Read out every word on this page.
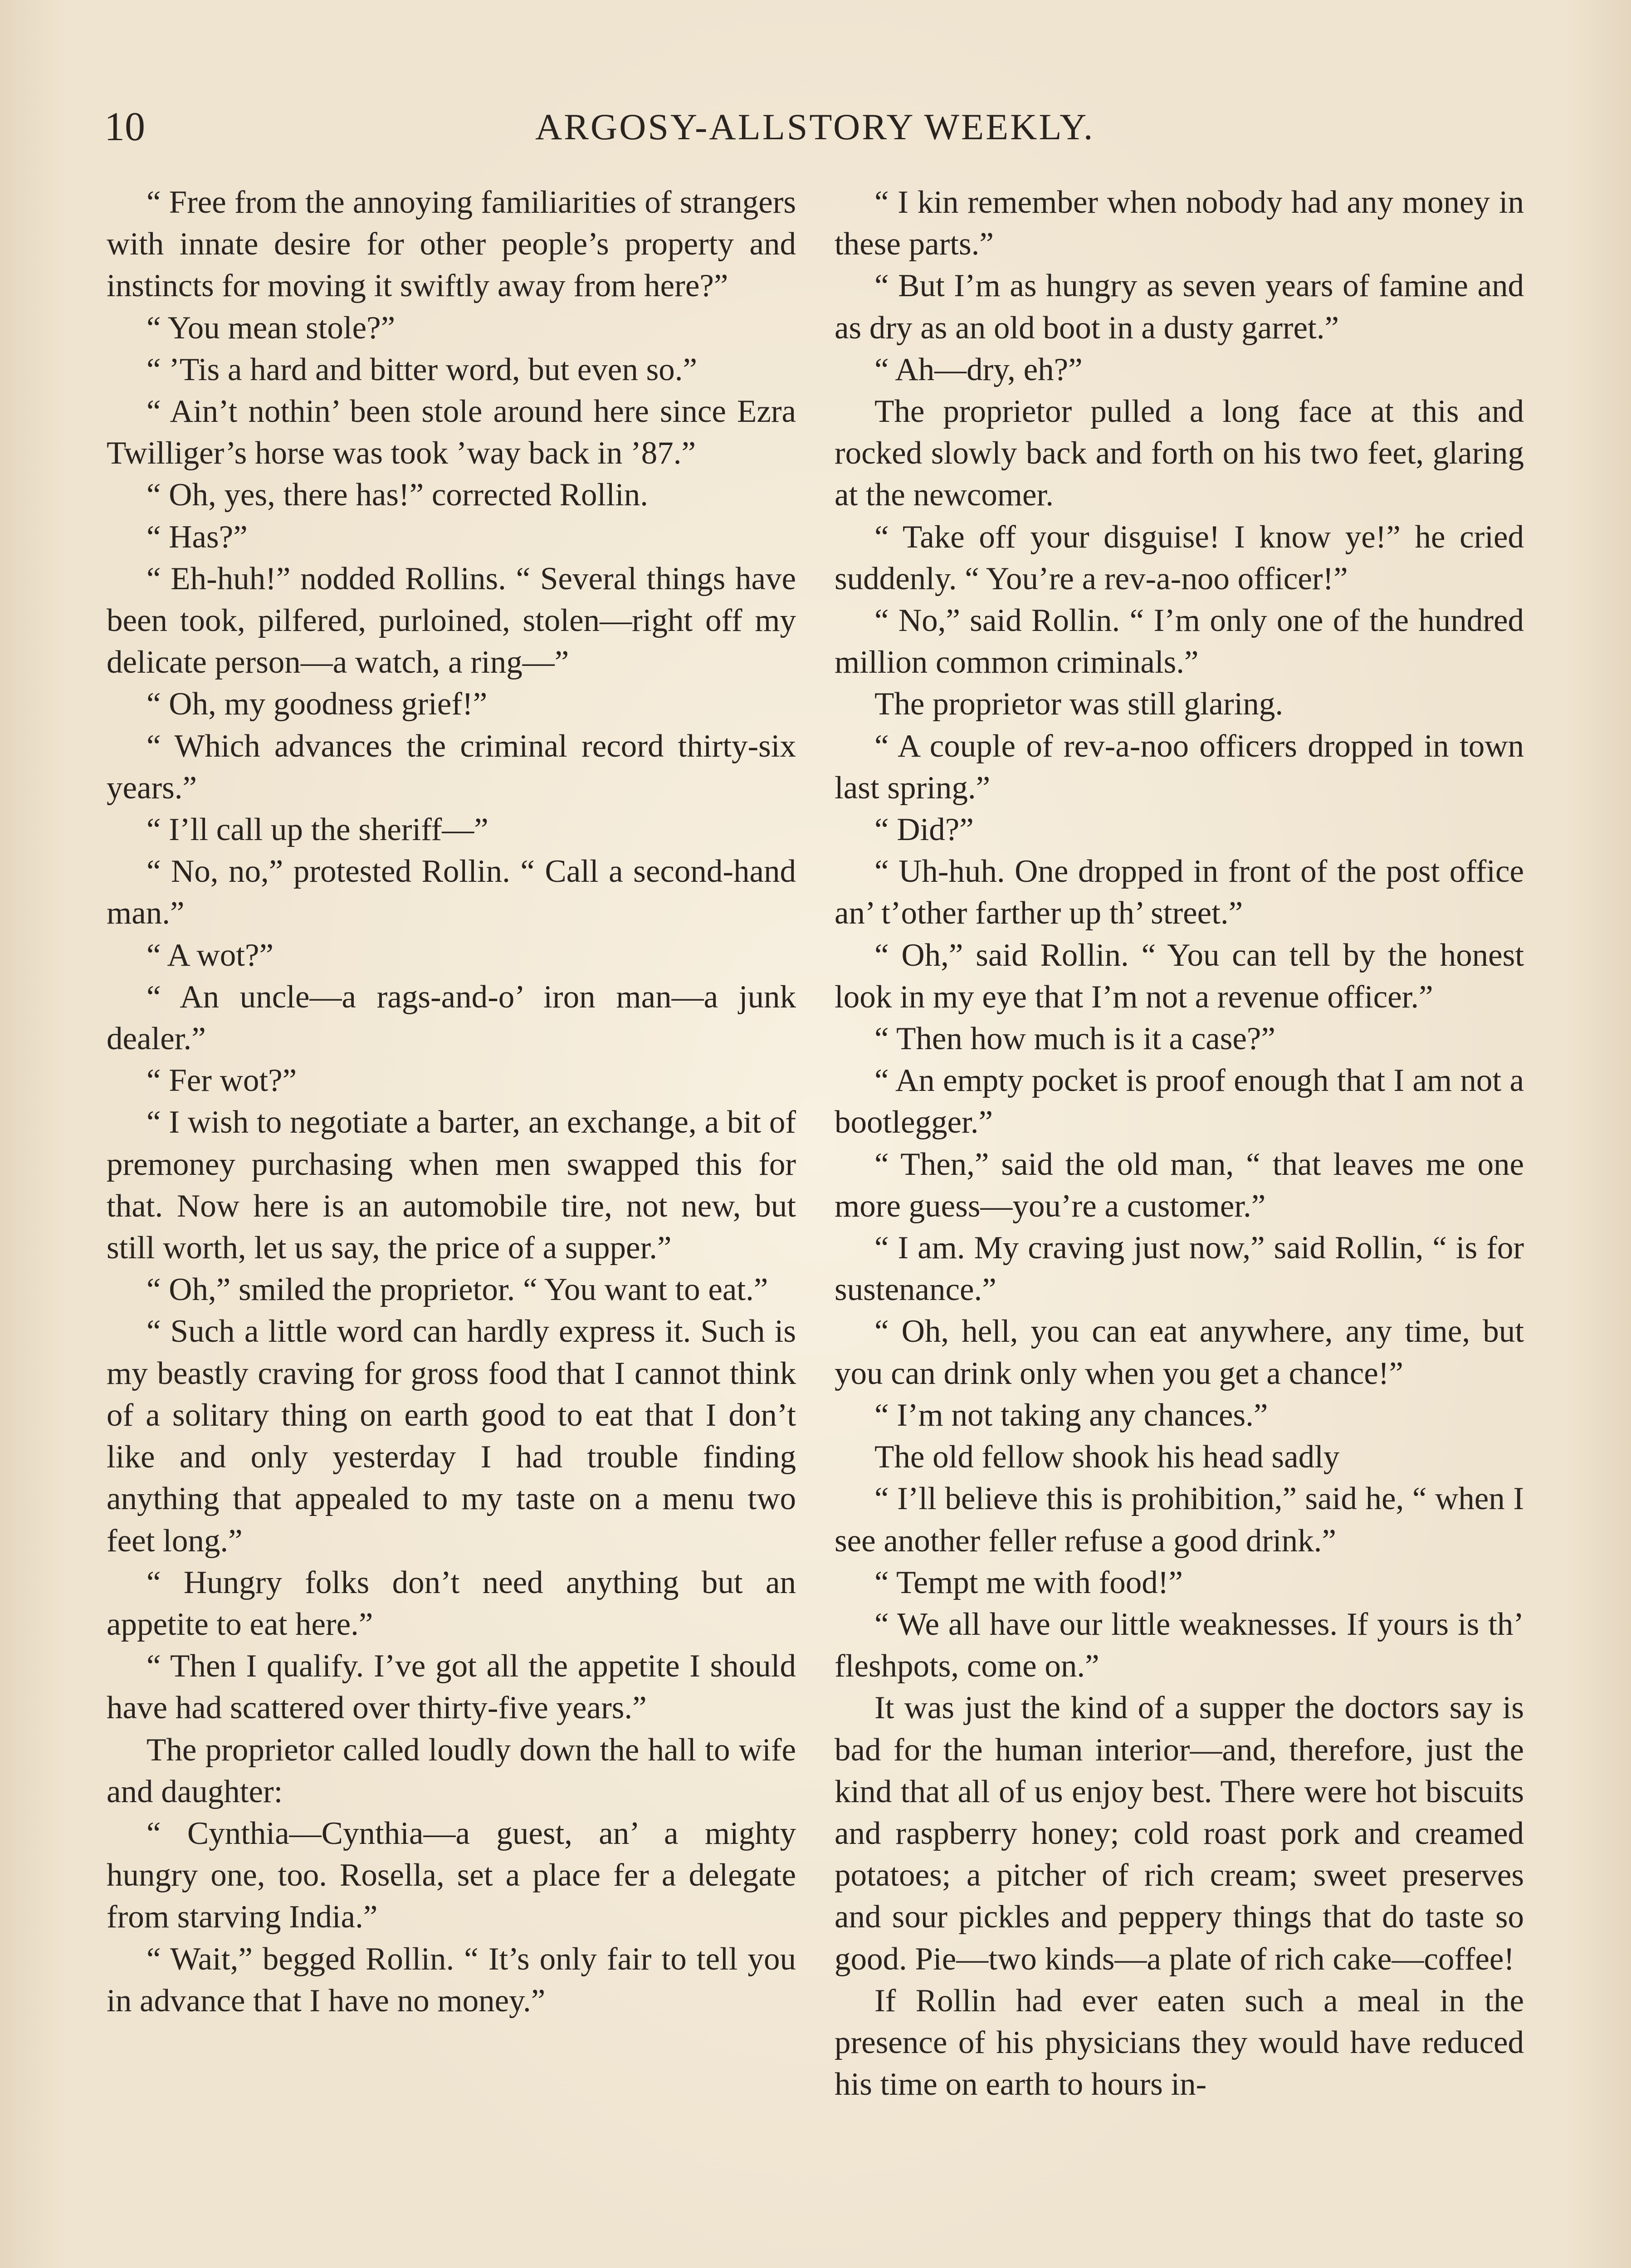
10	ARGOSY-ALLSTORY WEEKLY.

“ Free from the annoying familiarities of strangers with innate desire for other people’s property and instincts for moving it swiftly away from here?”

“ You mean stole?”

“ ’Tis a hard and bitter word, but even so.”

“ Ain’t nothin’ been stole around here since Ezra Twilliger’s horse was took ’way back in ’87.”

“ Oh, yes, there has!” corrected Rollin.

“ Has?”

“ Eh-huh!” nodded Rollins. “ Several things have been took, pilfered, purloined, stolen—right off my delicate person—a watch, a ring—”

“ Oh, my goodness grief!”

“ Which advances the criminal record thirty-six years.”

“ I’ll call up the sheriff—”

“ No, no,” protested Rollin. “ Call a second-hand man.”

“ A wot?”

“ An uncle—a rags-and-o’ iron man—a junk dealer.”

“ Fer wot?”

“ I wish to negotiate a barter, an exchange, a bit of premoney purchasing when men swapped this for that. Now here is an automobile tire, not new, but still worth, let us say, the price of a supper.”

“ Oh,” smiled the proprietor. “ You want to eat.”

“ Such a little word can hardly express it. Such is my beastly craving for gross food that I cannot think of a solitary thing on earth good to eat that I don’t like and only yesterday I had trouble finding anything that appealed to my taste on a menu two feet long.”

“ Hungry folks don’t need anything but an appetite to eat here.”

“ Then I qualify. I’ve got all the appetite I should have had scattered over thirty-five years.”

The proprietor called loudly down the hall to wife and daughter:

“ Cynthia—Cynthia—a guest, an’ a mighty hungry one, too. Rosella, set a place fer a delegate from starving India.”

“ Wait,” begged Rollin. “ It’s only fair to tell you in advance that I have no money.”

“ I kin remember when nobody had any money in these parts.”

“ But I’m as hungry as seven years of famine and as dry as an old boot in a dusty garret.”

“ Ah—dry, eh?”

The proprietor pulled a long face at this and rocked slowly back and forth on his two feet, glaring at the newcomer.

“ Take off your disguise! I know ye!” he cried suddenly. “ You’re a rev-a-noo officer!”

“ No,” said Rollin. “ I’m only one of the hundred million common criminals.”

The proprietor was still glaring.

“ A couple of rev-a-noo officers dropped in town last spring.”

“ Did?”

“ Uh-huh. One dropped in front of the post office an’ t’other farther up th’ street.”

“ Oh,” said Rollin. “ You can tell by the honest look in my eye that I’m not a revenue officer.”

“ Then how much is it a case?”

“ An empty pocket is proof enough that I am not a bootlegger.”

“ Then,” said the old man, “ that leaves me one more guess—you’re a customer.”

“ I am. My craving just now,” said Rollin, “ is for sustenance.”

“ Oh, hell, you can eat anywhere, any time, but you can drink only when you get a chance!”

“ I’m not taking any chances.”

The old fellow shook his head sadly

“ I’ll believe this is prohibition,” said he, “ when I see another feller refuse a good drink.”

“ Tempt me with food!”

“ We all have our little weaknesses. If yours is th’ fleshpots, come on.”

It was just the kind of a supper the doctors say is bad for the human interior—and, therefore, just the kind that all of us enjoy best. There were hot biscuits and raspberry honey; cold roast pork and creamed potatoes; a pitcher of rich cream; sweet preserves and sour pickles and peppery things that do taste so good. Pie—two kinds—a plate of rich cake—coffee!

If Rollin had ever eaten such a meal in the presence of his physicians they would have reduced his time on earth to hours in-
